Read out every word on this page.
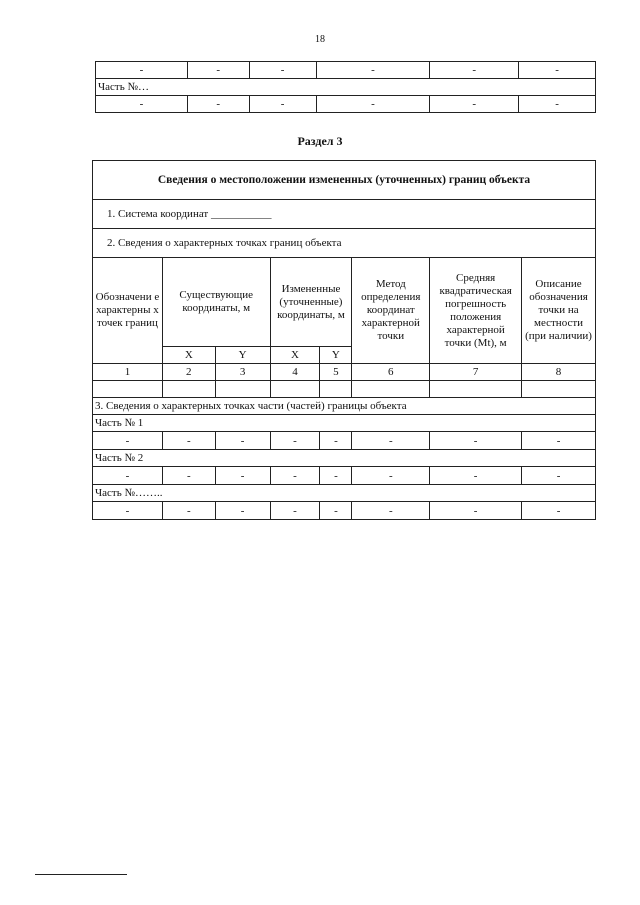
18
-	-	-	-	-	-
Часть №…					
-	-	-	-	-	-
Раздел 3
Сведения о местоположении измененных (уточненных) границ объекта							
1. Система координат ___________							
2. Сведения о характерных точках границ объекта							
Обозначени е характерны х точек границ	Существующие координаты, м		Измененные (уточненные) координаты, м		Метод определения координат характерной точки	Средняя квадратическая погрешность положения характерной точки (Mt), м	Описание обозначения точки на местности (при наличии)
	X	Y	X	Y			
1	2	3	4	5	6	7	8

3. Сведения о характерных точках части (частей) границы объекта							
Часть № 1							
-	-	-	-	-	-	-	-
Часть № 2							
-	-	-	-	-	-	-	-
Часть №……..							
-	-	-	-	-	-	-	-
